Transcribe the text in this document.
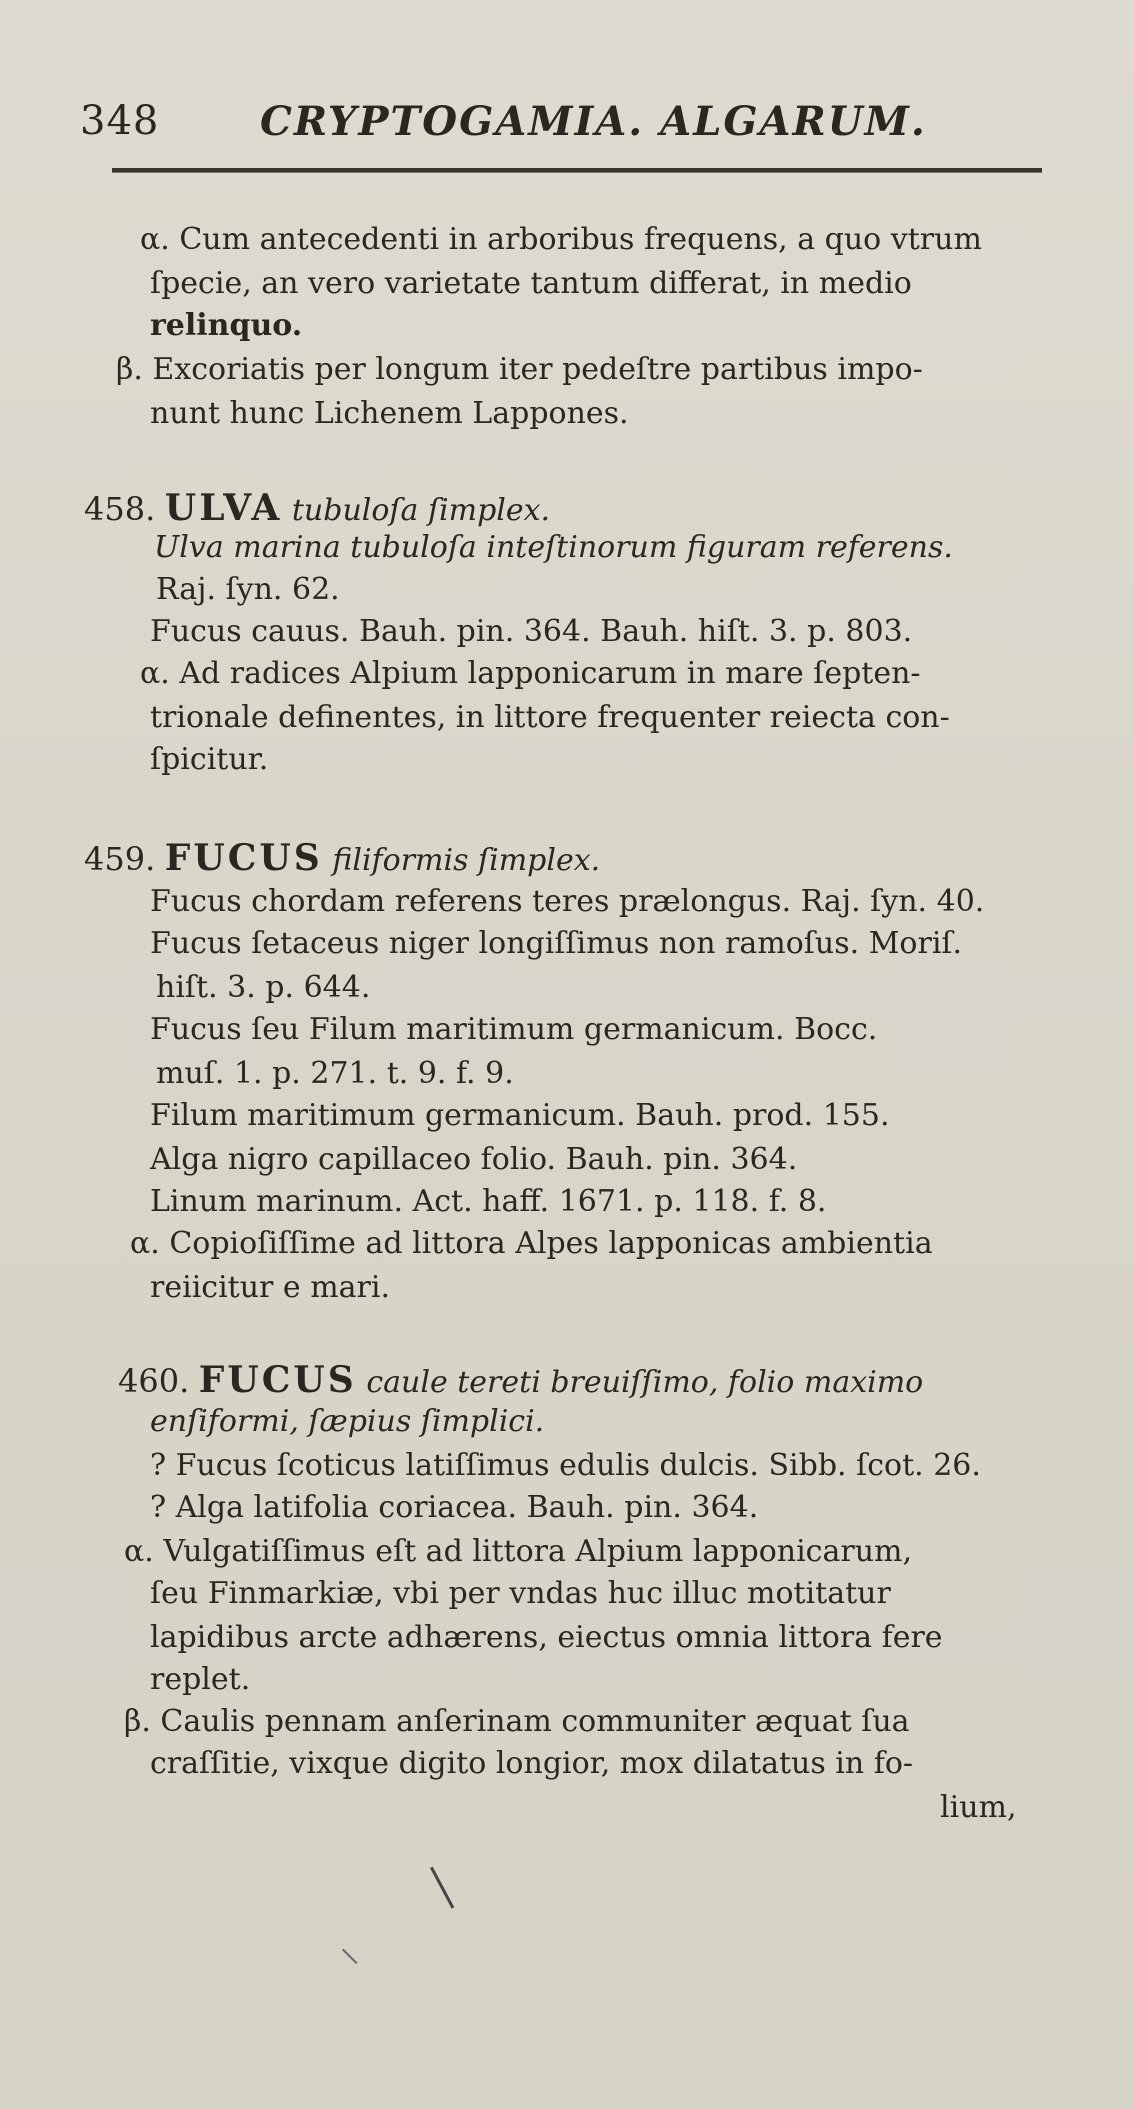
348	CRYPTOGAMIA. ALGARUM.
α. Cum antecedenti in arboribus frequens, a quo vtrum
ſpecie, an vero varietate tantum differat, in medio
relinquo.
β. Excoriatis per longum iter pedeſtre partibus impo-
nunt hunc Lichenem Lappones.
458. ULVA tubuloſa ſimplex.
Ulva marina tubuloſa inteſtinorum figuram referens.
Raj. ſyn. 62.
Fucus cauus. Bauh. pin. 364. Bauh. hiſt. 3. p. 803.
α. Ad radices Alpium lapponicarum in mare ſepten-
trionale definentes, in littore frequenter reiecta con-
ſpicitur.
459. FUCUS filiformis ſimplex.
Fucus chordam referens teres prælongus. Raj. ſyn. 40.
Fucus ſetaceus niger longiſſimus non ramoſus. Moriſ.
hiſt. 3. p. 644.
Fucus ſeu Filum maritimum germanicum. Bocc.
muſ. 1. p. 271. t. 9. f. 9.
Filum maritimum germanicum. Bauh. prod. 155.
Alga nigro capillaceo folio. Bauh. pin. 364.
Linum marinum. Act. haff. 1671. p. 118. f. 8.
α. Copioſiſſime ad littora Alpes lapponicas ambientia
reiicitur e mari.
460. FUCUS caule tereti breuiſſimo, folio maximo
enſiformi, ſæpius ſimplici.
? Fucus ſcoticus latiſſimus edulis dulcis. Sibb. ſcot. 26.
? Alga latifolia coriacea. Bauh. pin. 364.
α. Vulgatiſſimus eſt ad littora Alpium lapponicarum,
ſeu Finmarkiæ, vbi per vndas huc illuc motitatur
lapidibus arcte adhærens, eiectus omnia littora fere
replet.
β. Caulis pennam anſerinam communiter æquat ſua
craſſitie, vixque digito longior, mox dilatatus in fo-
lium,
